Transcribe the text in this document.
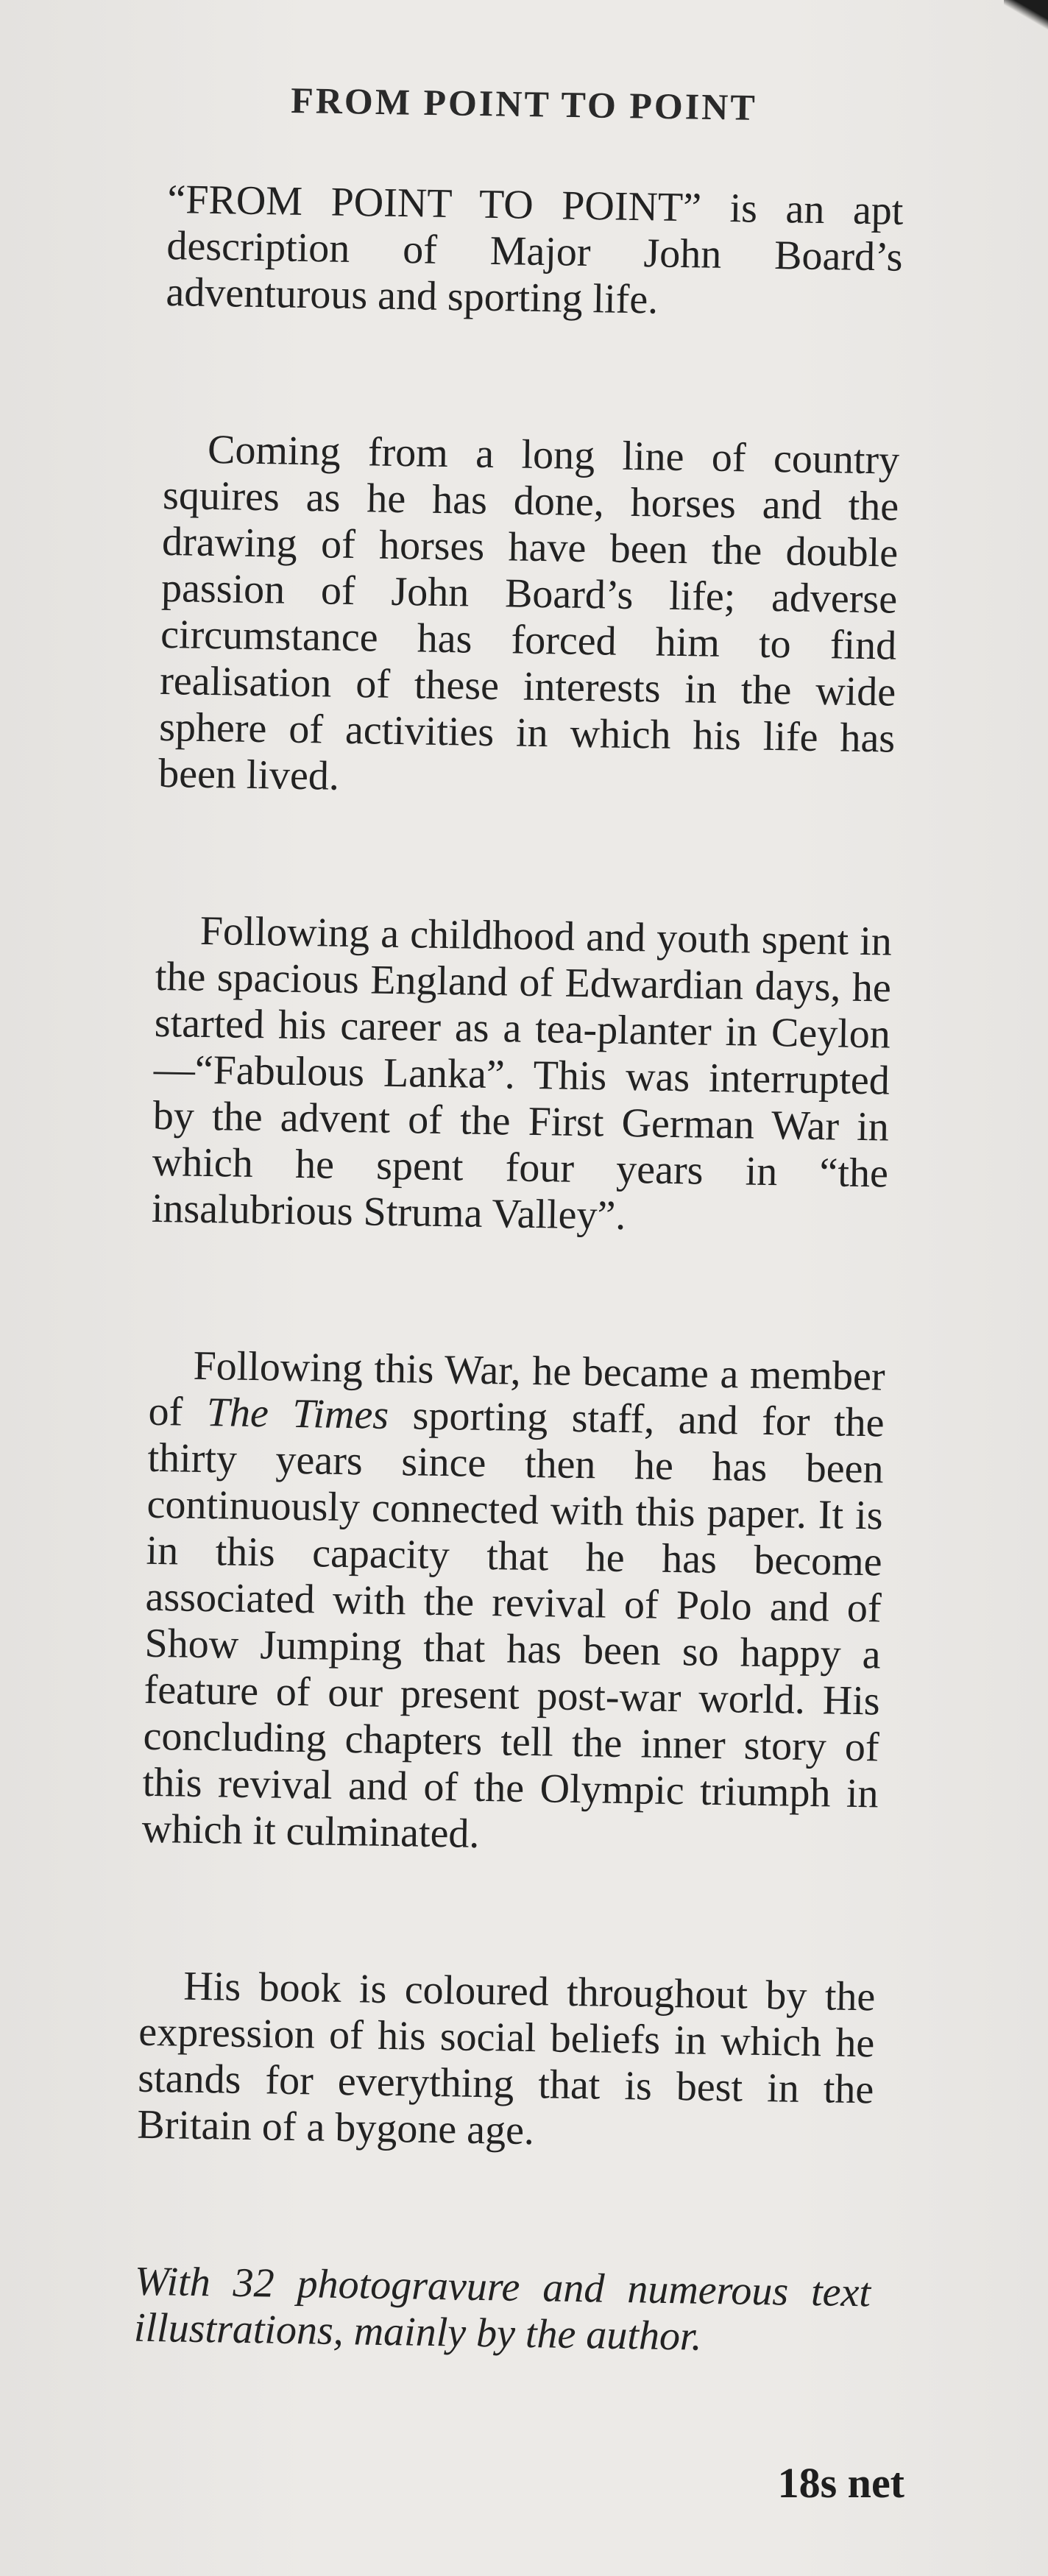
FROM POINT TO POINT

“FROM POINT TO POINT” is an apt description of Major John Board’s adventurous and sporting life.

Coming from a long line of country squires as he has done, horses and the drawing of horses have been the double passion of John Board’s life; adverse circumstance has forced him to find realisation of these interests in the wide sphere of activities in which his life has been lived.

Following a childhood and youth spent in the spacious England of Edwardian days, he started his career as a tea-planter in Ceylon—“Fabulous Lanka”. This was interrupted by the advent of the First German War in which he spent four years in “the insalubrious Struma Valley”.

Following this War, he became a member of The Times sporting staff, and for the thirty years since then he has been continuously connected with this paper. It is in this capacity that he has become associated with the revival of Polo and of Show Jumping that has been so happy a feature of our present post-war world. His concluding chapters tell the inner story of this revival and of the Olympic triumph in which it culminated.

His book is coloured throughout by the expression of his social beliefs in which he stands for everything that is best in the Britain of a bygone age.

With 32 photogravure and numerous text illustrations, mainly by the author.

18s net
